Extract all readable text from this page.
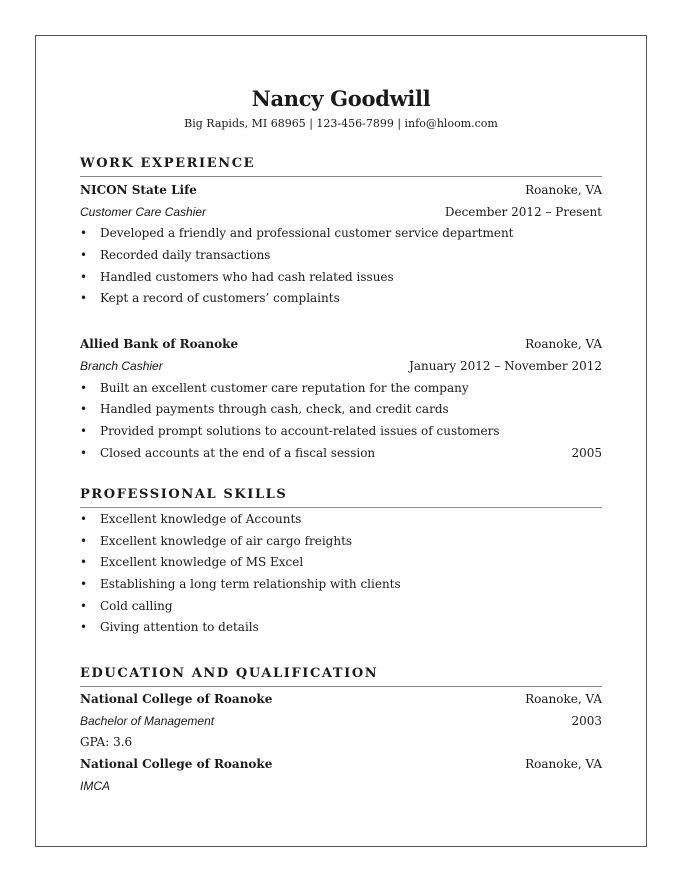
Nancy Goodwill
Big Rapids, MI 68965 | 123-456-7899 | info@hloom.com
WORK EXPERIENCE
NICON State Life	Roanoke, VA
Customer Care Cashier	December 2012 – Present
• Developed a friendly and professional customer service department
• Recorded daily transactions
• Handled customers who had cash related issues
• Kept a record of customers’ complaints
Allied Bank of Roanoke	Roanoke, VA
Branch Cashier	January 2012 – November 2012
• Built an excellent customer care reputation for the company
• Handled payments through cash, check, and credit cards
• Provided prompt solutions to account-related issues of customers
• Closed accounts at the end of a fiscal session	2005
PROFESSIONAL SKILLS
• Excellent knowledge of Accounts
• Excellent knowledge of air cargo freights
• Excellent knowledge of MS Excel
• Establishing a long term relationship with clients
• Cold calling
• Giving attention to details
EDUCATION AND QUALIFICATION
National College of Roanoke	Roanoke, VA
Bachelor of Management	2003
GPA: 3.6
National College of Roanoke	Roanoke, VA
IMCA
